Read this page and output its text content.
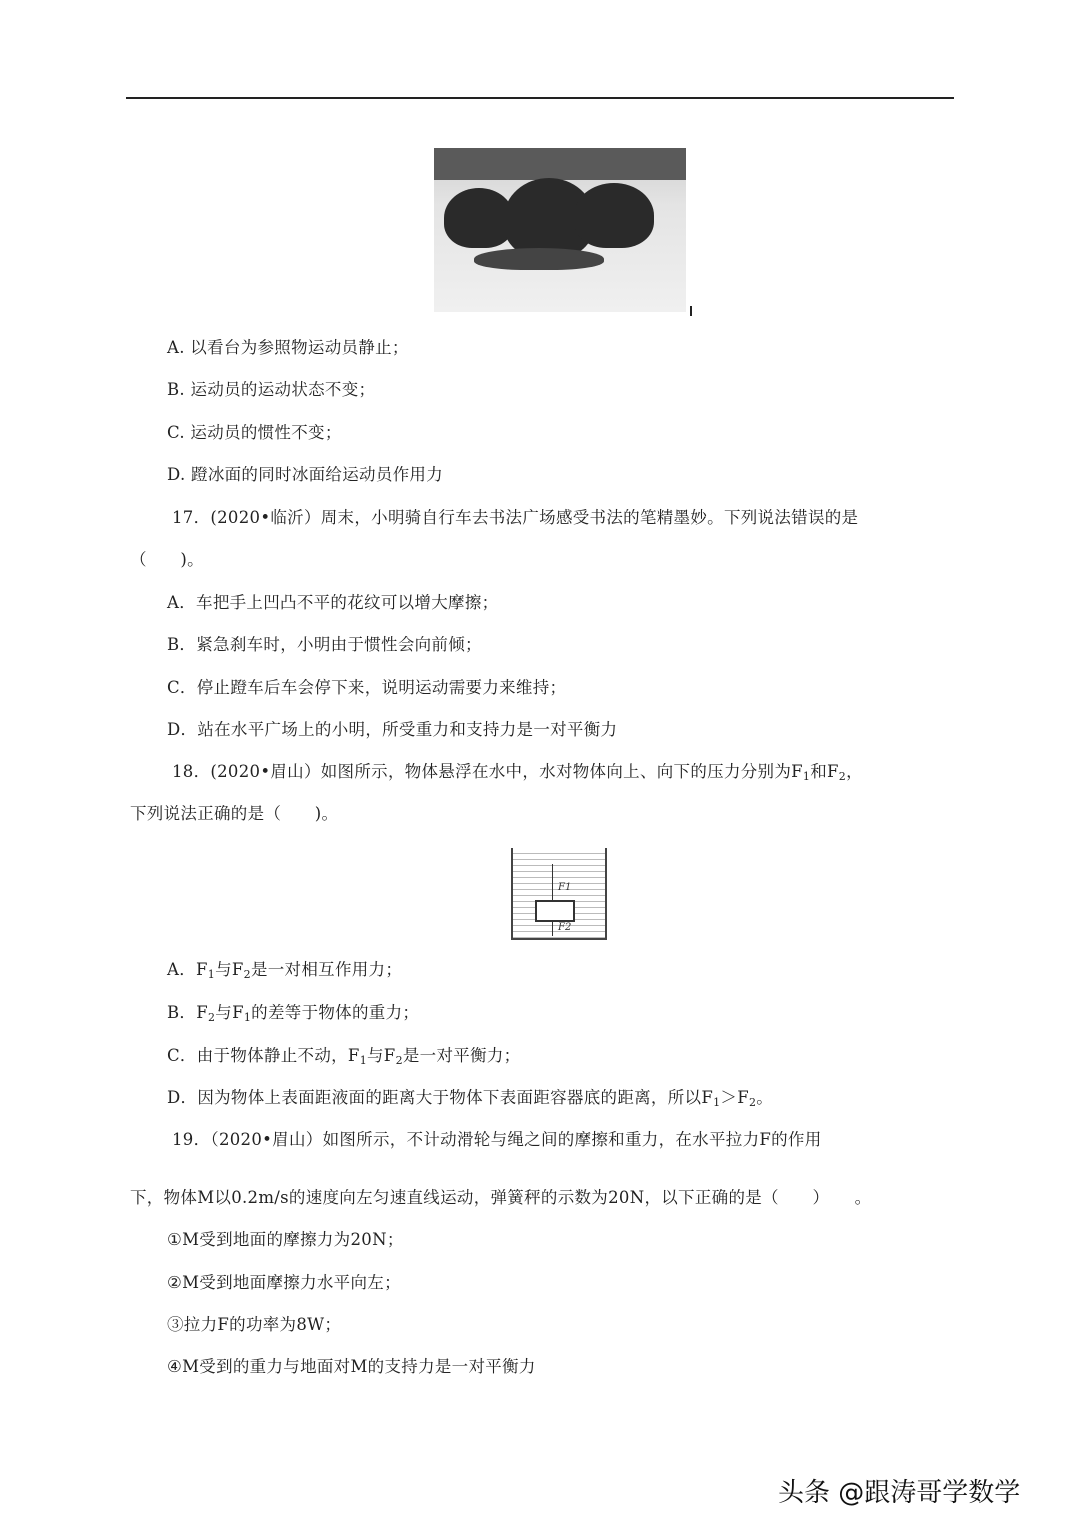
A. 以看台为参照物运动员静止；
B. 运动员的运动状态不变；
C. 运动员的惯性不变；
D. 蹬冰面的同时冰面给运动员作用力
17．(2020•临沂）周末，小明骑自行车去书法广场感受书法的笔精墨妙。下列说法错误的是
（　　)。
A．车把手上凹凸不平的花纹可以增大摩擦；
B．紧急刹车时，小明由于惯性会向前倾；
C．停止蹬车后车会停下来，说明运动需要力来维持；
D．站在水平广场上的小明，所受重力和支持力是一对平衡力
18．(2020•眉山）如图所示，物体悬浮在水中，水对物体向上、向下的压力分别为$F_1$和$F_2$，
下列说法正确的是（　　)。
F1
F2
A．$F_1$与$F_2$是一对相互作用力；
B．$F_2$与$F_1$的差等于物体的重力；
C．由于物体静止不动，$F_1$与$F_2$是一对平衡力；
D．因为物体上表面距液面的距离大于物体下表面距容器底的距离，所以$F_1>F_2$。
19．（2020•眉山）如图所示，不计动滑轮与绳之间的摩擦和重力，在水平拉力F的作用
下，物体M以0.2m/s的速度向左匀速直线运动，弹簧秤的示数为20N，以下正确的是（　　）　　。
①M受到地面的摩擦力为20N；
②M受到地面摩擦力水平向左；
③拉力F的功率为8W；
④M受到的重力与地面对M的支持力是一对平衡力
头条 @跟涛哥学数学
